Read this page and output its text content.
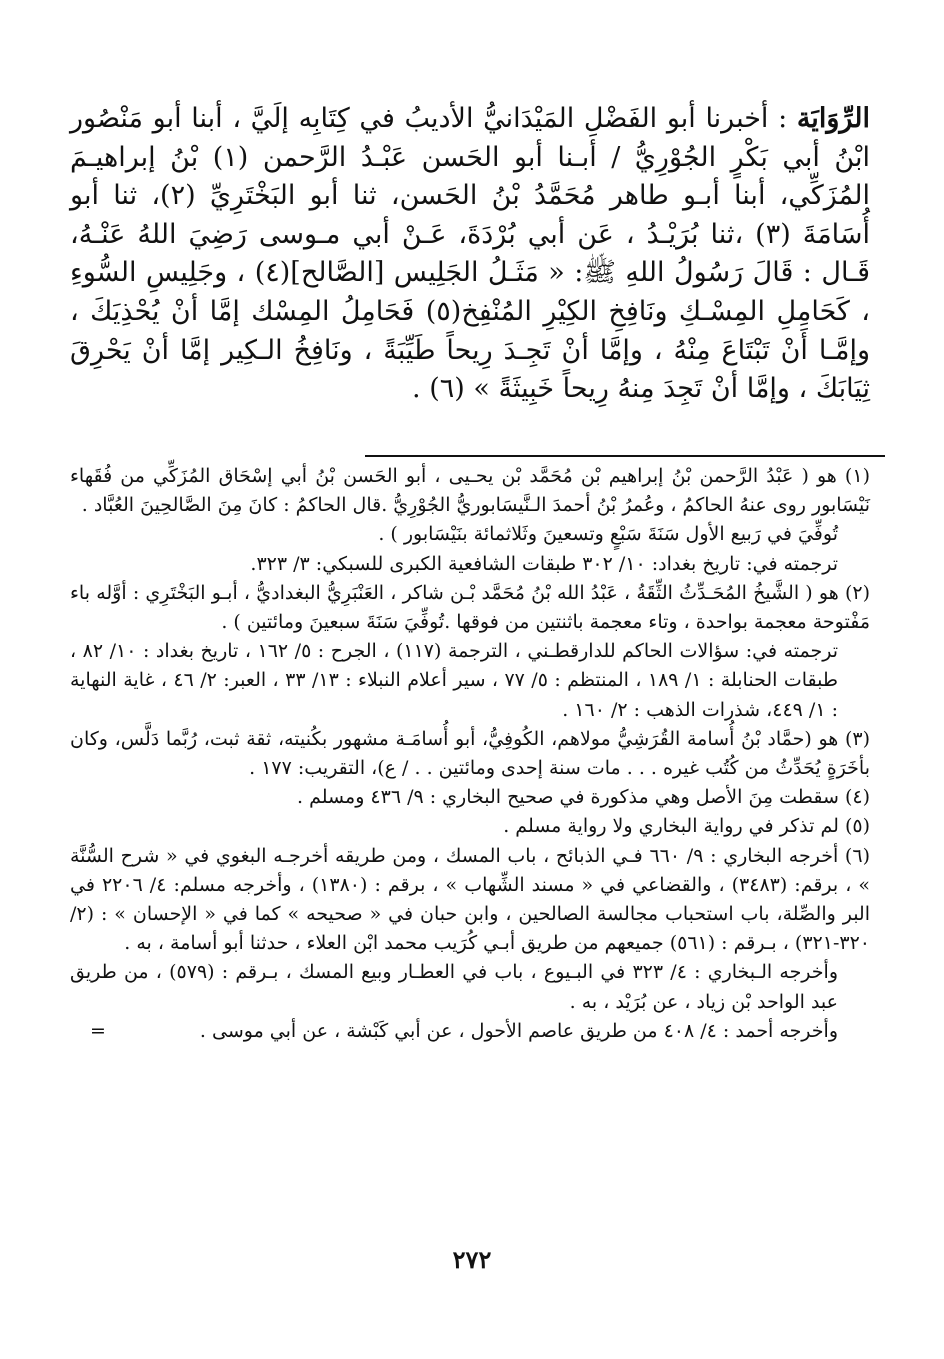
الرِّوَايَة : أخبرنا أبو الفَضْلِ المَيْدَانيُّ الأديبُ في كِتَابِه إلَيَّ ، أبنا أبو مَنْصُور ابْنُ أبي بَكْرٍ الجُوْرِيُّ / أبـنا أبو الحَسن عَبْـدُ الرَّحمن (١) بْنُ إبراهيـمَ المُزَكِّي، أبنا أبـو طاهر مُحَمَّدُ بْنُ الحَسن، ثنا أبو البَخْتَرِيِّ (٢)، ثنا أبو أُسَامَةَ (٣) ،ثنا بُرَيْـدُ ، عَن أبي بُرْدَةَ، عَـنْ أبي مـوسى رَضِيَ اللهُ عَنْـهُ، قَـال : قَالَ رَسُولُ اللهِ ﷺ: « مَثَـلُ الجَلِيس [الصَّالح](٤) ، وجَلِيسِ السُّوءِ ، كَحَامِلِ المِسْـكِ ونَافِخِ الكِيْرِ المُنْفِخ(٥) فَحَامِلُ المِسْك إمَّا أنْ يُحْذِيَكَ ، وإمَّـا أَنْ تَبْتَاعَ مِنْهُ ، وإمَّا أنْ تَجِـدَ رِيحاً طَيِّبَةً ، ونَافِخُ الـكِير إمَّا أنْ يَحْرِقَ ثِيَابَكَ ، وإمَّا أنْ تَجِدَ مِنهُ رِيحاً خَبِيثَةً » (٦) .

(١) هو ( عَبْدُ الرَّحمن بْنُ إبراهيم بْن مُحَمَّد بْن يحـيى ، أبو الحَسن بْنُ أبي إسْحَاق المُزَكِّي من فُقَهاء نَيْسَابور روى عنهُ الحاكمُ ، وعُمرُ بْنُ أحمدَ الـنَّيسَابوريُّ الجُوْرِيُّ .قال الحاكمُ : كانَ مِنَ الصَّالحِينَ العُبَّاد .

تُوفِّيَ في رَبيع الأول سَنَةَ سَبْعٍ وتسعينَ وثَلاثمائة بنَيْسَابور ) .

ترجمته في: تاريخ بغداد: ١٠/ ٣٠٢ طبقات الشافعية الكبرى للسبكي: ٣/ ٣٢٣.

(٢) هو ( الشَّيخُ المُحَـدِّثُ الثِّقَةُ ، عَبْدُ الله بْنُ مُحَمَّد بْـن شاكر ، العَنْبَرِيُّ البغداديُّ ، أبـو البَخْتَرِي : أوَّله باء مَفْتوحة معجمة بواحدة ، وتاء معجمة باثنتين من فوقها .تُوفِّيَ سَنَةَ سبعينَ ومائتين ) .

ترجمته في: سؤالات الحاكم للدارقطـني ، الترجمة (١١٧) ، الجرح : ٥/ ١٦٢ ، تاريخ بغداد : ١٠/ ٨٢ ، طبقات الحنابلة : ١/ ١٨٩ ، المنتظم : ٥/ ٧٧ ، سير أعلام النبلاء : ١٣/ ٣٣ ، العبر: ٢/ ٤٦ ، غاية النهاية : ١/ ٤٤٩، شذرات الذهب : ٢/ ١٦٠ .

(٣) هو (حمَّاد بْنُ أُسامة القُرَشِيُّ مولاهم، الكُوفِيُّ، أبو أُسامَـة مشهور بكُنيته، ثقة ثبت، رُبَّما دَلَّس، وكان بأخَرَةٍ يُحَدِّثُ من كُتُب غيره . . . مات سنة إحدى ومائتين . . / ع)، التقريب: ١٧٧ .

(٤) سقطت مِنَ الأصل وهي مذكورة في صحيح البخاري : ٩/ ٤٣٦ ومسلم .

(٥) لم تذكر في رواية البخاري ولا رواية مسلم .

(٦) أخرجه البخاري : ٩/ ٦٦٠ فـي الذبائح ، باب المسك ، ومن طريقه أخرجـه البغوي في « شرح السُّنَّة » ، برقم: (٣٤٨٣) ، والقضاعي في « مسند الشِّهاب » ، برقم : (١٣٨٠) ، وأخرجه مسلم: ٤/ ٢٢٠٦ في البر والصِّلة، باب استحباب مجالسة الصالحين ، وابن حبان في « صحيحه » كما في « الإحسان » : (٢/ ٣٢٠-٣٢١) ، بـرقم : (٥٦١) جميعهم من طريق أبـي كُرَيب محمد ابْن العلاء ، حدثنا أبو أسامة ، به .

وأخرجه الـبخاري : ٤/ ٣٢٣ في البـيوع ، باب في العطـار وبيع المسك ، بـرقم : (٥٧٩) ، من طريق عبد الواحد بْن زياد ، عن بُرَيْد ، به .

=	وأخرجه أحمد : ٤/ ٤٠٨ من طريق عاصم الأحول ، عن أبي كَبْشة ، عن أبي موسى .

٢٧٢
